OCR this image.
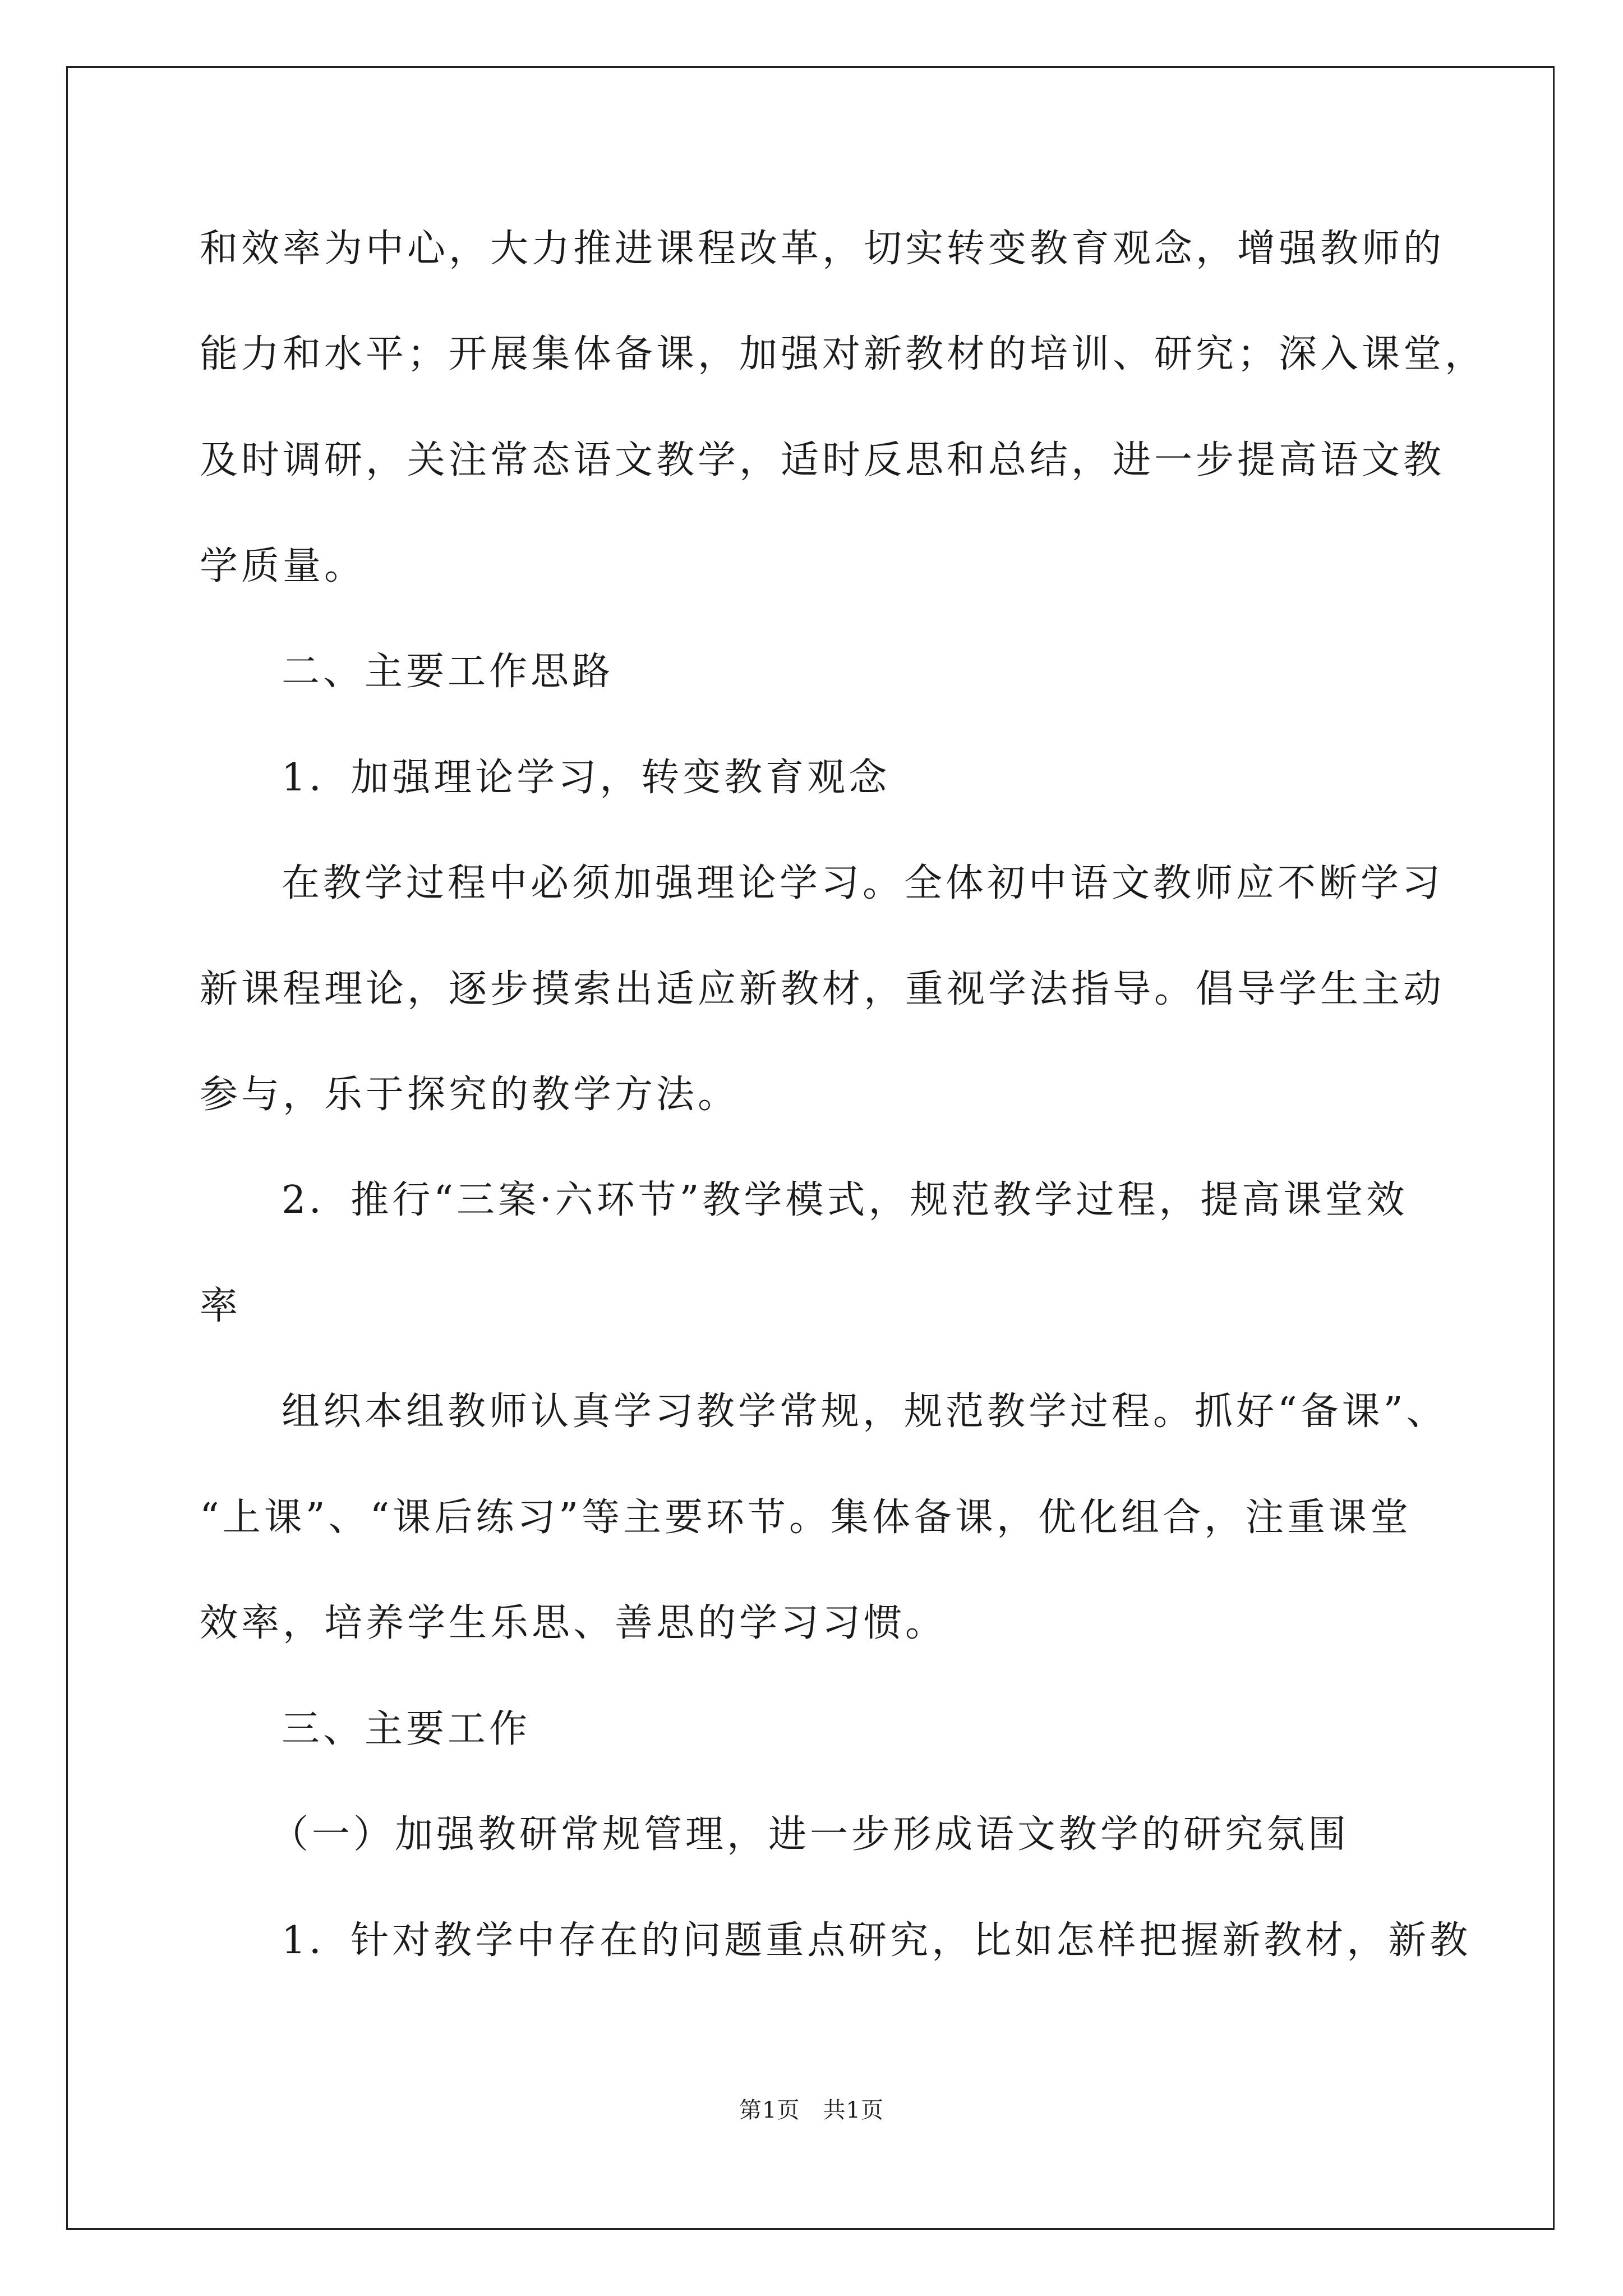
和效率为中心，大力推进课程改革，切实转变教育观念，增强教师的
能力和水平；开展集体备课，加强对新教材的培训、研究；深入课堂，
及时调研，关注常态语文教学，适时反思和总结，进一步提高语文教
学质量。
二、主要工作思路
1．加强理论学习，转变教育观念
在教学过程中必须加强理论学习。全体初中语文教师应不断学习
新课程理论，逐步摸索出适应新教材，重视学法指导。倡导学生主动
参与，乐于探究的教学方法。
2．推行“三案·六环节”教学模式，规范教学过程，提高课堂效
率
组织本组教师认真学习教学常规，规范教学过程。抓好“备课”、
“上课”、“课后练习”等主要环节。集体备课，优化组合，注重课堂
效率，培养学生乐思、善思的学习习惯。
三、主要工作
（一）加强教研常规管理，进一步形成语文教学的研究氛围
1．针对教学中存在的问题重点研究，比如怎样把握新教材，新教
第1页　共1页
